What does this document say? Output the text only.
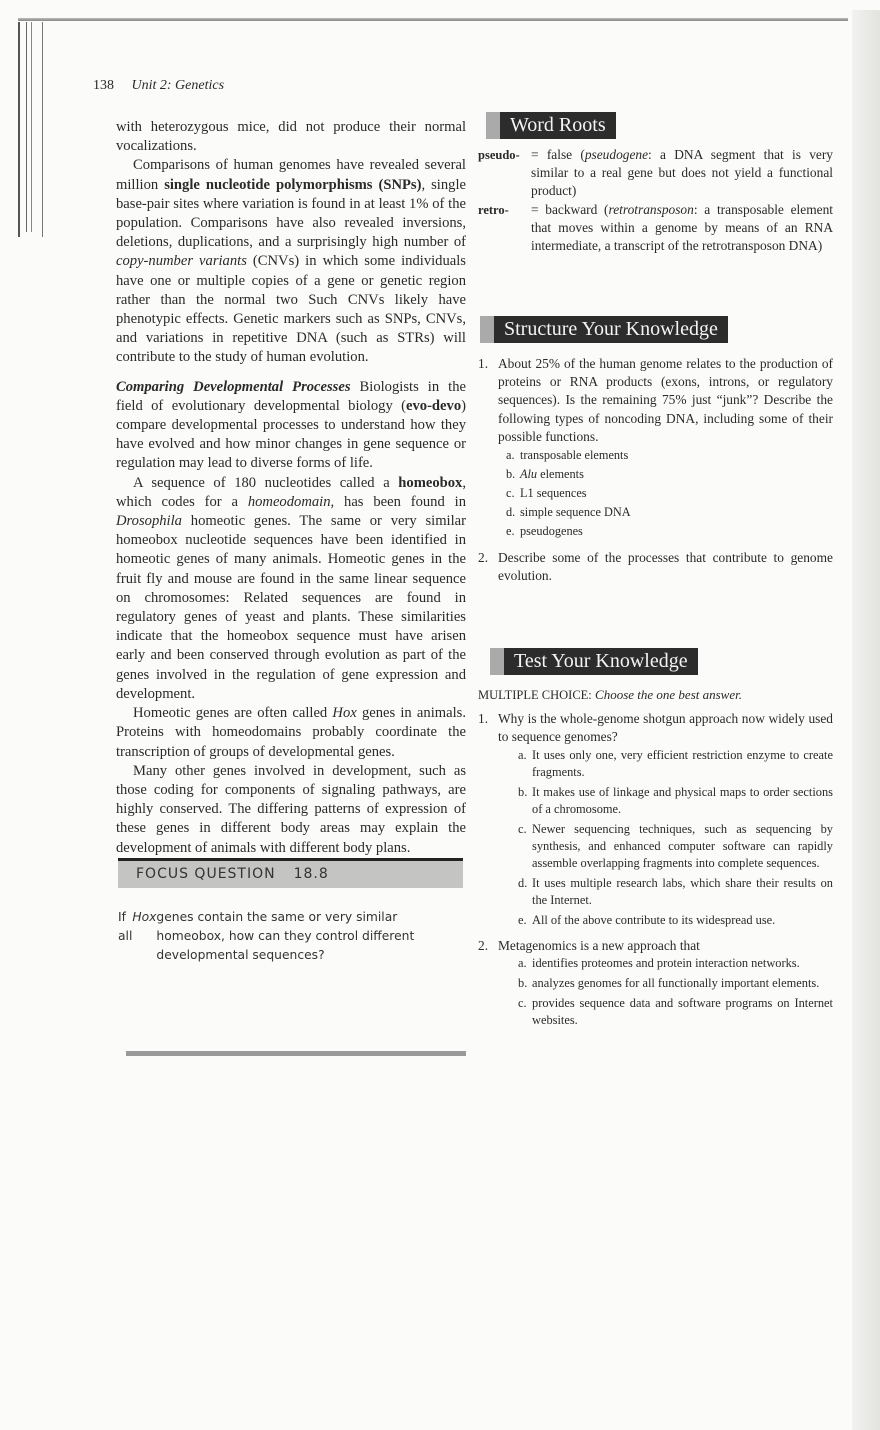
138 Unit 2: Genetics

with heterozygous mice, did not produce their normal vocalizations.

Comparisons of human genomes have revealed several million single nucleotide polymorphisms (SNPs), single base-pair sites where variation is found in at least 1% of the population. Comparisons have also revealed inversions, deletions, duplications, and a surprisingly high number of copy-number variants (CNVs) in which some individuals have one or multiple copies of a gene or genetic region rather than the normal two Such CNVs likely have phenotypic effects. Genetic markers such as SNPs, CNVs, and variations in repetitive DNA (such as STRs) will contribute to the study of human evolution.

Comparing Developmental Processes Biologists in the field of evolutionary developmental biology (evo-devo) compare developmental processes to understand how they have evolved and how minor changes in gene sequence or regulation may lead to diverse forms of life.

A sequence of 180 nucleotides called a homeobox, which codes for a homeodomain, has been found in Drosophila homeotic genes. The same or very similar homeobox nucleotide sequences have been identified in homeotic genes of many animals. Homeotic genes in the fruit fly and mouse are found in the same linear sequence on chromosomes: Related sequences are found in regulatory genes of yeast and plants. These similarities indicate that the homeobox sequence must have arisen early and been conserved through evolution as part of the genes involved in the regulation of gene expression and development.

Homeotic genes are often called Hox genes in animals. Proteins with homeodomains probably coordinate the transcription of groups of developmental genes.

Many other genes involved in development, such as those coding for components of signaling pathways, are highly conserved. The differing patterns of expression of these genes in different body areas may explain the development of animals with different body plans.

FOCUS QUESTION 18.8
If all
Hox genes contain the same or very similar homeobox, how can they control different developmental sequences?
Word Roots
pseudo- = false (pseudogene: a DNA segment that is very similar to a real gene but does not yield a functional product)
retro-	= backward (retrotransposon: a transposable element that moves within a genome by means of an RNA intermediate, a transcript of the retrotransposon DNA)
Structure Your Knowledge
1. About 25% of the human genome relates to the production of proteins or RNA products (exons, introns, or regulatory sequences). Is the remaining 75% just “junk”? Describe the following types of noncoding DNA, including some of their possible functions.
a. transposable elements
b. Alu elements
c. L1 sequences
d. simple sequence DNA
e. pseudogenes
2. Describe some of the processes that contribute to genome evolution.
Test Your Knowledge
MULTIPLE CHOICE: Choose the one best answer.
1. Why is the whole-genome shotgun approach now widely used to sequence genomes?
a. It uses only one, very efficient restriction enzyme to create fragments.
b. It makes use of linkage and physical maps to order sections of a chromosome.
c. Newer sequencing techniques, such as sequencing by synthesis, and enhanced computer software can rapidly assemble overlapping fragments into complete sequences.
d. It uses multiple research labs, which share their results on the Internet.
e. All of the above contribute to its widespread use.
2. Metagenomics is a new approach that
a. identifies proteomes and protein interaction networks.
b. analyzes genomes for all functionally important elements.
c. provides sequence data and software programs on Internet websites.
